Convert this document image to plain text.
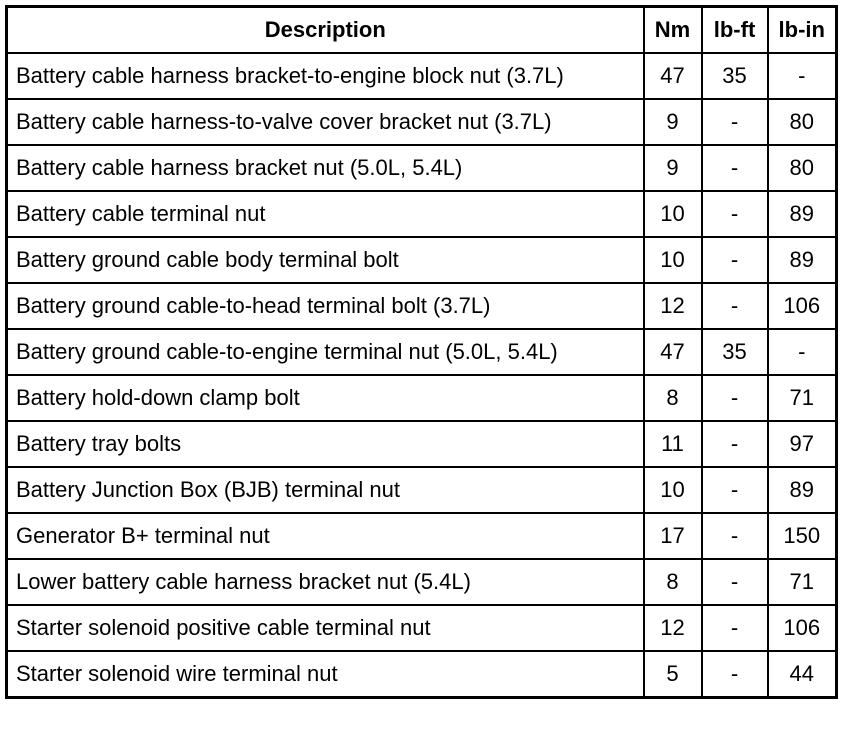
Description	Nm	lb-ft	lb-in
Battery cable harness bracket-to-engine block nut (3.7L)	47	35	-
Battery cable harness-to-valve cover bracket nut (3.7L)	9	-	80
Battery cable harness bracket nut (5.0L, 5.4L)	9	-	80
Battery cable terminal nut	10	-	89
Battery ground cable body terminal bolt	10	-	89
Battery ground cable-to-head terminal bolt (3.7L)	12	-	106
Battery ground cable-to-engine terminal nut (5.0L, 5.4L)	47	35	-
Battery hold-down clamp bolt	8	-	71
Battery tray bolts	11	-	97
Battery Junction Box (BJB) terminal nut	10	-	89
Generator B+ terminal nut	17	-	150
Lower battery cable harness bracket nut (5.4L)	8	-	71
Starter solenoid positive cable terminal nut	12	-	106
Starter solenoid wire terminal nut	5	-	44
